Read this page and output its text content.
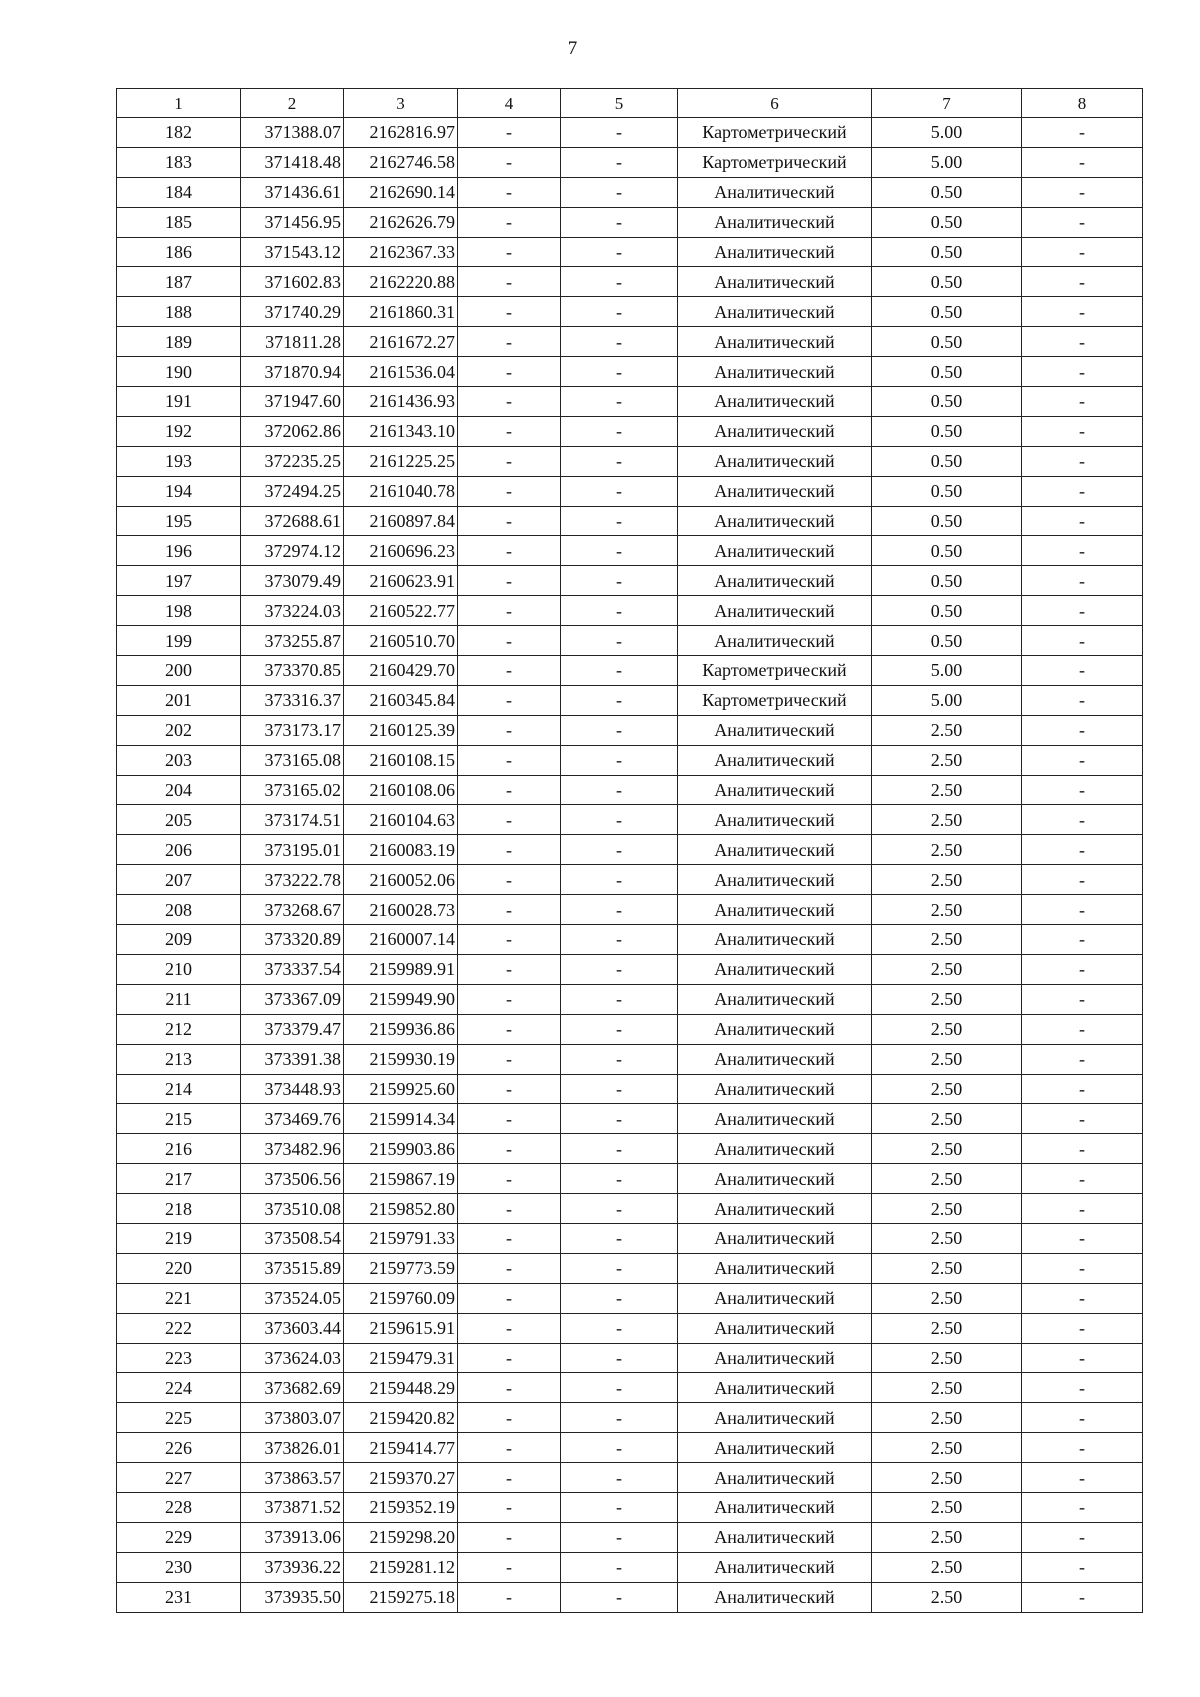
7
1	2	3	4	5	6	7	8
182	371388.07	2162816.97	-	-	Картометрический	5.00	-
183	371418.48	2162746.58	-	-	Картометрический	5.00	-
184	371436.61	2162690.14	-	-	Аналитический	0.50	-
185	371456.95	2162626.79	-	-	Аналитический	0.50	-
186	371543.12	2162367.33	-	-	Аналитический	0.50	-
187	371602.83	2162220.88	-	-	Аналитический	0.50	-
188	371740.29	2161860.31	-	-	Аналитический	0.50	-
189	371811.28	2161672.27	-	-	Аналитический	0.50	-
190	371870.94	2161536.04	-	-	Аналитический	0.50	-
191	371947.60	2161436.93	-	-	Аналитический	0.50	-
192	372062.86	2161343.10	-	-	Аналитический	0.50	-
193	372235.25	2161225.25	-	-	Аналитический	0.50	-
194	372494.25	2161040.78	-	-	Аналитический	0.50	-
195	372688.61	2160897.84	-	-	Аналитический	0.50	-
196	372974.12	2160696.23	-	-	Аналитический	0.50	-
197	373079.49	2160623.91	-	-	Аналитический	0.50	-
198	373224.03	2160522.77	-	-	Аналитический	0.50	-
199	373255.87	2160510.70	-	-	Аналитический	0.50	-
200	373370.85	2160429.70	-	-	Картометрический	5.00	-
201	373316.37	2160345.84	-	-	Картометрический	5.00	-
202	373173.17	2160125.39	-	-	Аналитический	2.50	-
203	373165.08	2160108.15	-	-	Аналитический	2.50	-
204	373165.02	2160108.06	-	-	Аналитический	2.50	-
205	373174.51	2160104.63	-	-	Аналитический	2.50	-
206	373195.01	2160083.19	-	-	Аналитический	2.50	-
207	373222.78	2160052.06	-	-	Аналитический	2.50	-
208	373268.67	2160028.73	-	-	Аналитический	2.50	-
209	373320.89	2160007.14	-	-	Аналитический	2.50	-
210	373337.54	2159989.91	-	-	Аналитический	2.50	-
211	373367.09	2159949.90	-	-	Аналитический	2.50	-
212	373379.47	2159936.86	-	-	Аналитический	2.50	-
213	373391.38	2159930.19	-	-	Аналитический	2.50	-
214	373448.93	2159925.60	-	-	Аналитический	2.50	-
215	373469.76	2159914.34	-	-	Аналитический	2.50	-
216	373482.96	2159903.86	-	-	Аналитический	2.50	-
217	373506.56	2159867.19	-	-	Аналитический	2.50	-
218	373510.08	2159852.80	-	-	Аналитический	2.50	-
219	373508.54	2159791.33	-	-	Аналитический	2.50	-
220	373515.89	2159773.59	-	-	Аналитический	2.50	-
221	373524.05	2159760.09	-	-	Аналитический	2.50	-
222	373603.44	2159615.91	-	-	Аналитический	2.50	-
223	373624.03	2159479.31	-	-	Аналитический	2.50	-
224	373682.69	2159448.29	-	-	Аналитический	2.50	-
225	373803.07	2159420.82	-	-	Аналитический	2.50	-
226	373826.01	2159414.77	-	-	Аналитический	2.50	-
227	373863.57	2159370.27	-	-	Аналитический	2.50	-
228	373871.52	2159352.19	-	-	Аналитический	2.50	-
229	373913.06	2159298.20	-	-	Аналитический	2.50	-
230	373936.22	2159281.12	-	-	Аналитический	2.50	-
231	373935.50	2159275.18	-	-	Аналитический	2.50	-
